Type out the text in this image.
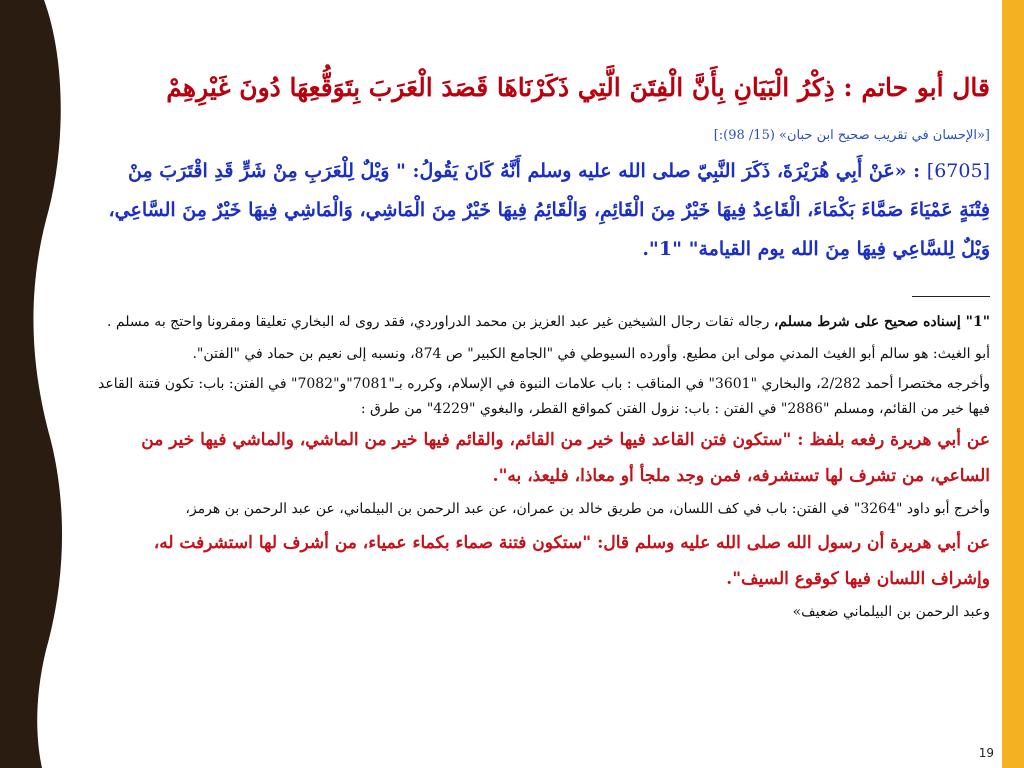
قال أبو حاتم : ذِكْرُ الْبَيَانِ بِأَنَّ الْفِتَنَ الَّتِي ذَكَرْنَاهَا قَصَدَ الْعَرَبَ بِتَوَقُّعِهَا دُونَ غَيْرِهِمْ
[«الإحسان في تقريب صحيح ابن حبان» (15/ 98):]
[6705] : «عَنْ أَبِي هُرَيْرَةَ، ذَكَرَ النَّبِيّ صلى الله عليه وسلم أَنَّهُ كَانَ يَقُولُ: " وَيْلٌ لِلْعَرَبِ مِنْ شَرٍّ قَدِ اقْتَرَبَ مِنْ فِتْنَةٍ عَمْيَاءَ صَمَّاءَ بَكْمَاءَ، الْقَاعِدُ فِيهَا خَيْرٌ مِنَ الْقَائِمِ، وَالْقَائِمُ فِيهَا خَيْرٌ مِنَ الْمَاشِي، وَالْمَاشِي فِيهَا خَيْرٌ مِنَ السَّاعِي، وَيْلٌ لِلسَّاعِي فِيهَا مِنَ الله يوم القيامة" "1".

"1" إسناده صحيح على شرط مسلم، رجاله ثقات رجال الشيخين غير عبد العزيز بن محمد الدراوردي، فقد روى له البخاري تعليقا ومقرونا واحتج به مسلم . أبو الغيث: هو سالم أبو الغيث المدني مولى ابن مطيع. وأورده السيوطي في "الجامع الكبير" ص 874، ونسبه إلى نعيم بن حماد في "الفتن".

وأخرجه مختصرا أحمد 2/282، والبخاري "3601" في المناقب : باب علامات النبوة في الإسلام، وكرره بـ"7081"و"7082" في الفتن: باب: تكون فتنة القاعد فيها خير من القائم، ومسلم "2886" في الفتن : باب: نزول الفتن كمواقع القطر، والبغوي "4229" من طرق :

عن أبي هريرة رفعه بلفظ : "ستكون فتن القاعد فيها خير من القائم، والقائم فيها خير من الماشي، والماشي فيها خير من الساعي، من تشرف لها تستشرفه، فمن وجد ملجأ أو معاذا، فليعذ، به".

وأخرج أبو داود "3264" في الفتن: باب في كف اللسان، من طريق خالد بن عمران، عن عبد الرحمن بن البيلماني، عن عبد الرحمن بن هرمز،

عن أبي هريرة أن رسول الله صلى الله عليه وسلم قال: "ستكون فتنة صماء بكماء عمياء، من أشرف لها استشرفت له، وإشراف اللسان فيها كوقوع السيف".

وعبد الرحمن بن البيلماني ضعيف»

19
